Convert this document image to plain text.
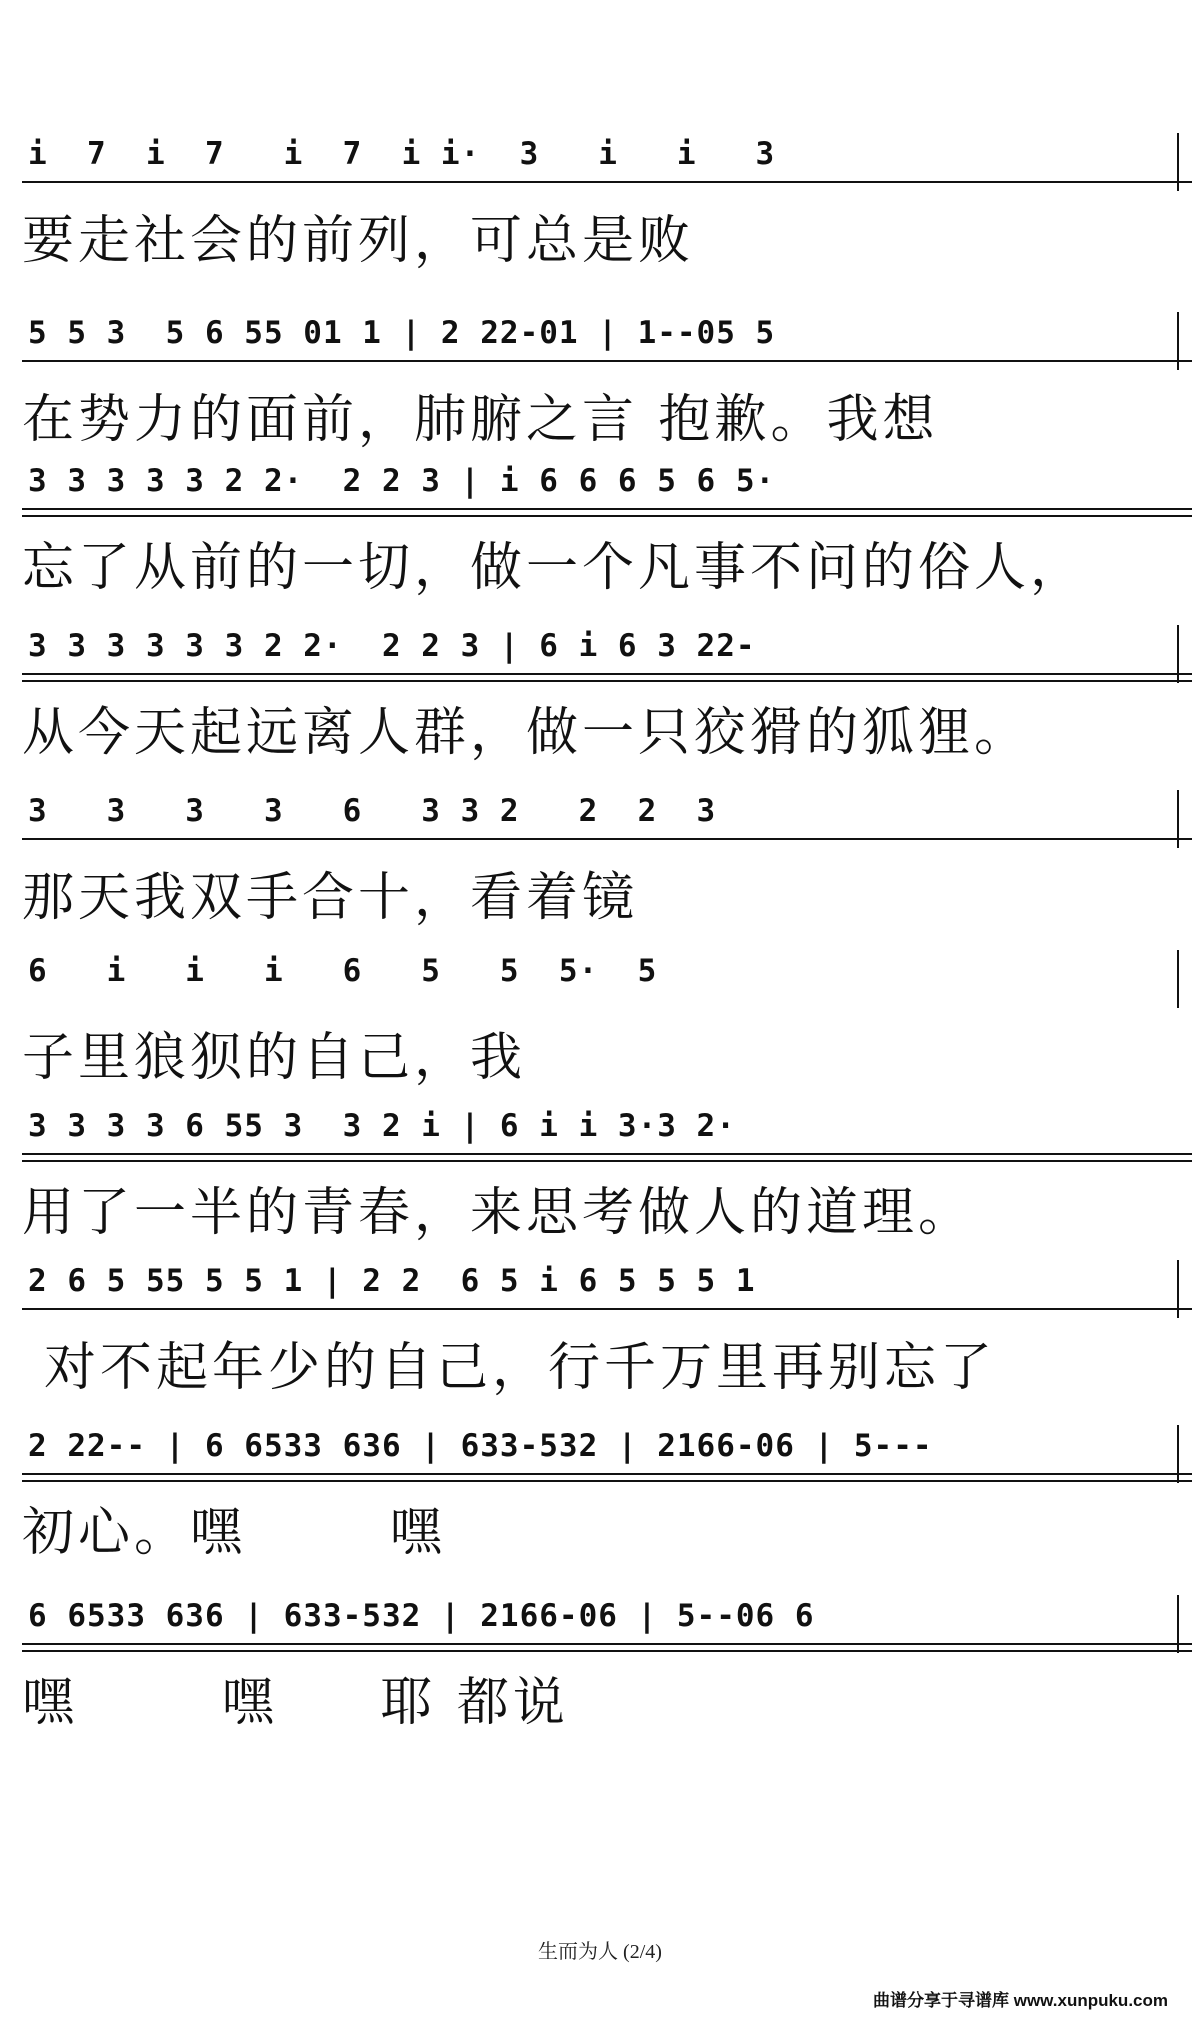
i  7  i  7   i  7  i i·  3   i   i   3

要走社会的前列，可总是败

5 5 3  5 6 55 01 1 | 2 22-01 | 1--05 5

在势力的面前，肺腑之言 抱歉。我想

3 3 3 3 3 2 2·  2 2 3 | i 6 6 6 5 6 5·

忘了从前的一切，做一个凡事不问的俗人，

3 3 3 3 3 3 2 2·  2 2 3 | 6 i 6 3 22-

从今天起远离人群，做一只狡猾的狐狸。

3   3   3   3   6   3 3 2   2  2  3

那天我双手合十，看着镜

6   i   i   i   6   5   5  5·  5

子里狼狈的自己，我

3 3 3 3 6 55 3  3 2 i | 6 i i 3·3 2·

用了一半的青春，来思考做人的道理。

2 6 5 55 5 5 1 | 2 2  6 5 i 6 5 5 5 1

对不起年少的自己，行千万里再别忘了

2 22-- | 6 6533 636 | 633-532 | 2166-06 | 5---

初心。嘿       嘿

6 6533 636 | 633-532 | 2166-06 | 5--06 6

嘿       嘿     耶 都说
生而为人 (2/4)
曲谱分享于寻谱库 www.xunpuku.com
